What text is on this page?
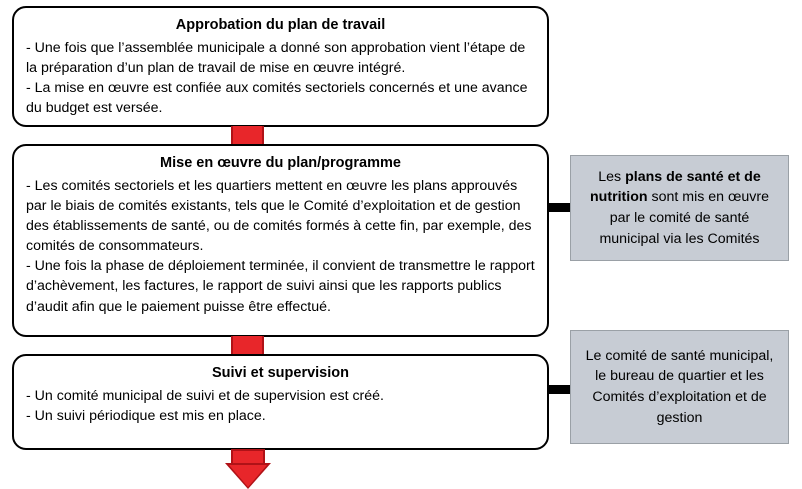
Approbation du plan de travail

- Une fois que l’assemblée municipale a donné son approbation vient l’étape de la préparation d’un plan de travail de mise en œuvre intégré.

- La mise en œuvre est confiée aux comités sectoriels concernés et une avance du budget est versée.

Mise en œuvre du plan/programme

- Les comités sectoriels et les quartiers mettent en œuvre les plans approuvés par le biais de comités existants, tels que le Comité d’exploitation et de gestion des établissements de santé, ou de comités formés à cette fin, par exemple, des comités de consommateurs.

- Une fois la phase de déploiement terminée, il convient de transmettre le rapport d’achèvement, les factures, le rapport de suivi ainsi que les rapports publics d’audit afin que le paiement puisse être effectué.

Suivi et supervision

- Un comité municipal de suivi et de supervision est créé.

- Un suivi périodique est mis en place.

Les plans de santé et de nutrition sont mis en œuvre par le comité de santé municipal via les Comités
Le comité de santé municipal, le bureau de quartier et les Comités d’exploitation et de gestion
